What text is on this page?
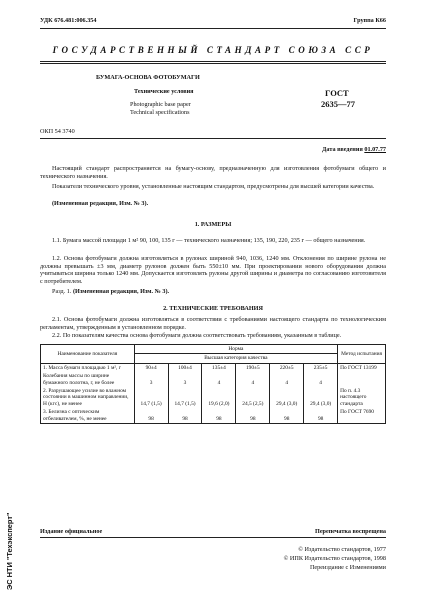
УДК 676.481:006.354	Группа К66
ГОСУДАРСТВЕННЫЙ СТАНДАРТ СОЮЗА ССР
БУМАГА-ОСНОВА ФОТОБУМАГИ
Технические условия
Photographic base paper
Technical specifications
ГОСТ
2635—77
ОКП 54 3740
Дата введения 01.07.77

Настоящий стандарт распространяется на бумагу-основу, предназначенную для изготовления фотобумаги общего и технического назначения.

Показатели технического уровня, установленные настоящим стандартом, предусмотрены для высшей категории качества.

(Измененная редакция, Изм. № 3).

1. РАЗМЕРЫ

1.1. Бумага массой площади 1 м² 90, 100, 135 г — технического назначения; 135, 190, 220, 235 г — общего назначения.

1.2. Основа фотобумаги должна изготовляться в рулонах шириной 940, 1036, 1240 мм. Отклонения по ширине рулона не должны превышать ±3 мм, диаметр рулонов должен быть 550±10 мм. При проектировании нового оборудования должна учитываться ширина только 1240 мм. Допускается изготовлять рулоны другой ширины и диаметра по согласованию изготовителя с потребителем.

Разд. 1. (Измененная редакция, Изм. № 3).

2. ТЕХНИЧЕСКИЕ ТРЕБОВАНИЯ

2.1. Основа фотобумаги должна изготовляться в соответствии с требованиями настоящего стандарта по технологическим регламентам, утвержденным в установленном порядке.

Наименование показателя	Норма						Метод испытания
	Высшая категория качества						
1. Масса бумаги площадью 1 м², г	90±4	100±4	135±4	190±5	220±5	235±5	По ГОСТ 13199
Колебания массы по ширине бумажного полотна, г, не более	3	3	4	4	4	4	
2. Разрушающее усилие во влажном состоянии в машинном направлении, Н (кгс), не менее	14,7 (1,5)	14,7 (1,5)	19,6 (2,0)	24,5 (2,5)	29,4 (3,0)	29,4 (3,0)	По п. 4.3 настоящего стандарта
3. Белизна с оптическим отбеливателем, %, не менее	98	98	98	98	98	98	По ГОСТ 7690
Издание официальное	Перепечатка воспрещена
© Издательство стандартов, 1977
© ИПК Издательство стандартов, 1998
Переиздание с Изменениями
ЭС НТИ "Техэксперт"

2.2. По показателям качества основа фотобумаги должна соответствовать требованиям, указанным в таблице.
